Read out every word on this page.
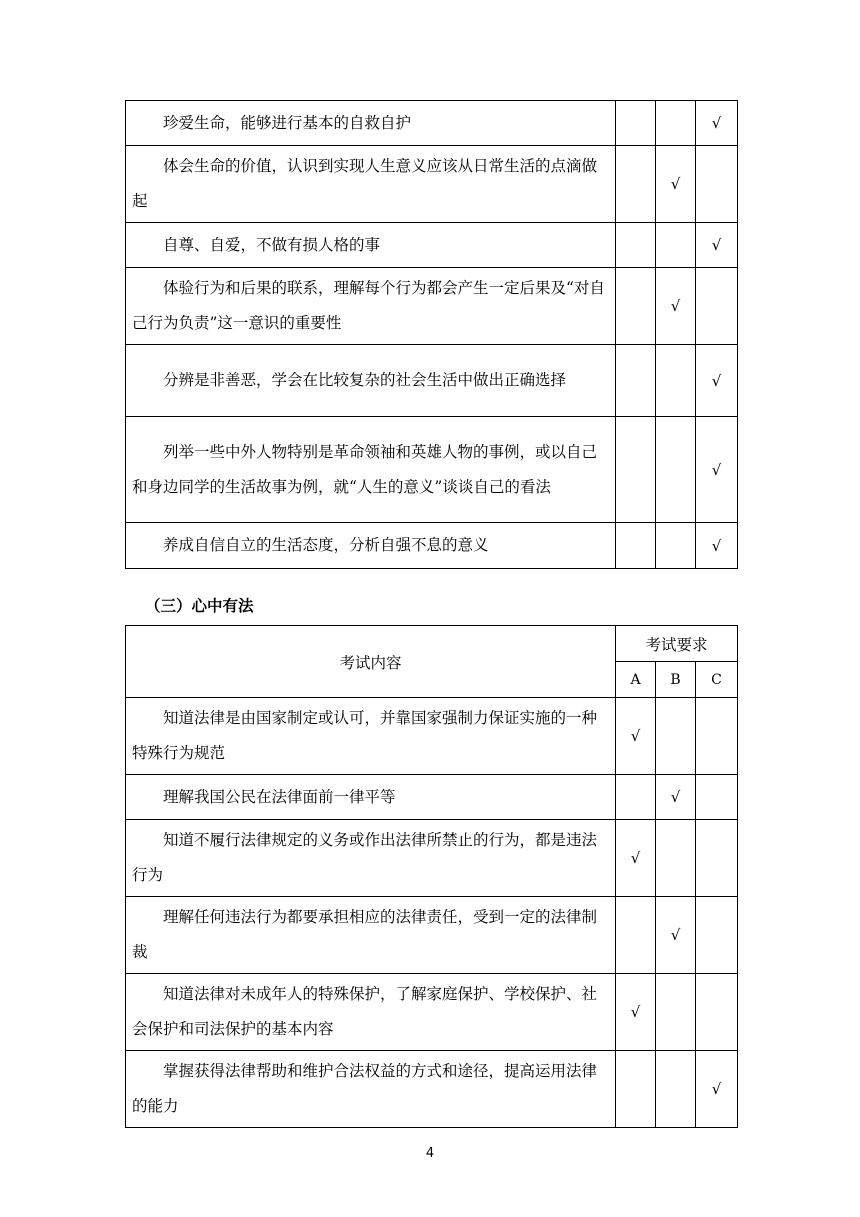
珍爱生命，能够进行基本的自救自护			√

体会生命的价值，认识到实现人生意义应该从日常生活的点滴做起		√	

自尊、自爱，不做有损人格的事			√

体验行为和后果的联系，理解每个行为都会产生一定后果及“对自己行为负责”这一意识的重要性		√	

分辨是非善恶，学会在比较复杂的社会生活中做出正确选择			√

列举一些中外人物特别是革命领袖和英雄人物的事例，或以自己和身边同学的生活故事为例，就“人生的意义”谈谈自己的看法			√

养成自信自立的生活态度，分析自强不息的意义			√
（三）心中有法
考试内容	考试要求		
	A	B	C

知道法律是由国家制定或认可，并靠国家强制力保证实施的一种特殊行为规范	√		

理解我国公民在法律面前一律平等		√	

知道不履行法律规定的义务或作出法律所禁止的行为，都是违法行为	√		

理解任何违法行为都要承担相应的法律责任，受到一定的法律制裁		√	

知道法律对未成年人的特殊保护，了解家庭保护、学校保护、社会保护和司法保护的基本内容	√		

掌握获得法律帮助和维护合法权益的方式和途径，提高运用法律的能力			√
4
